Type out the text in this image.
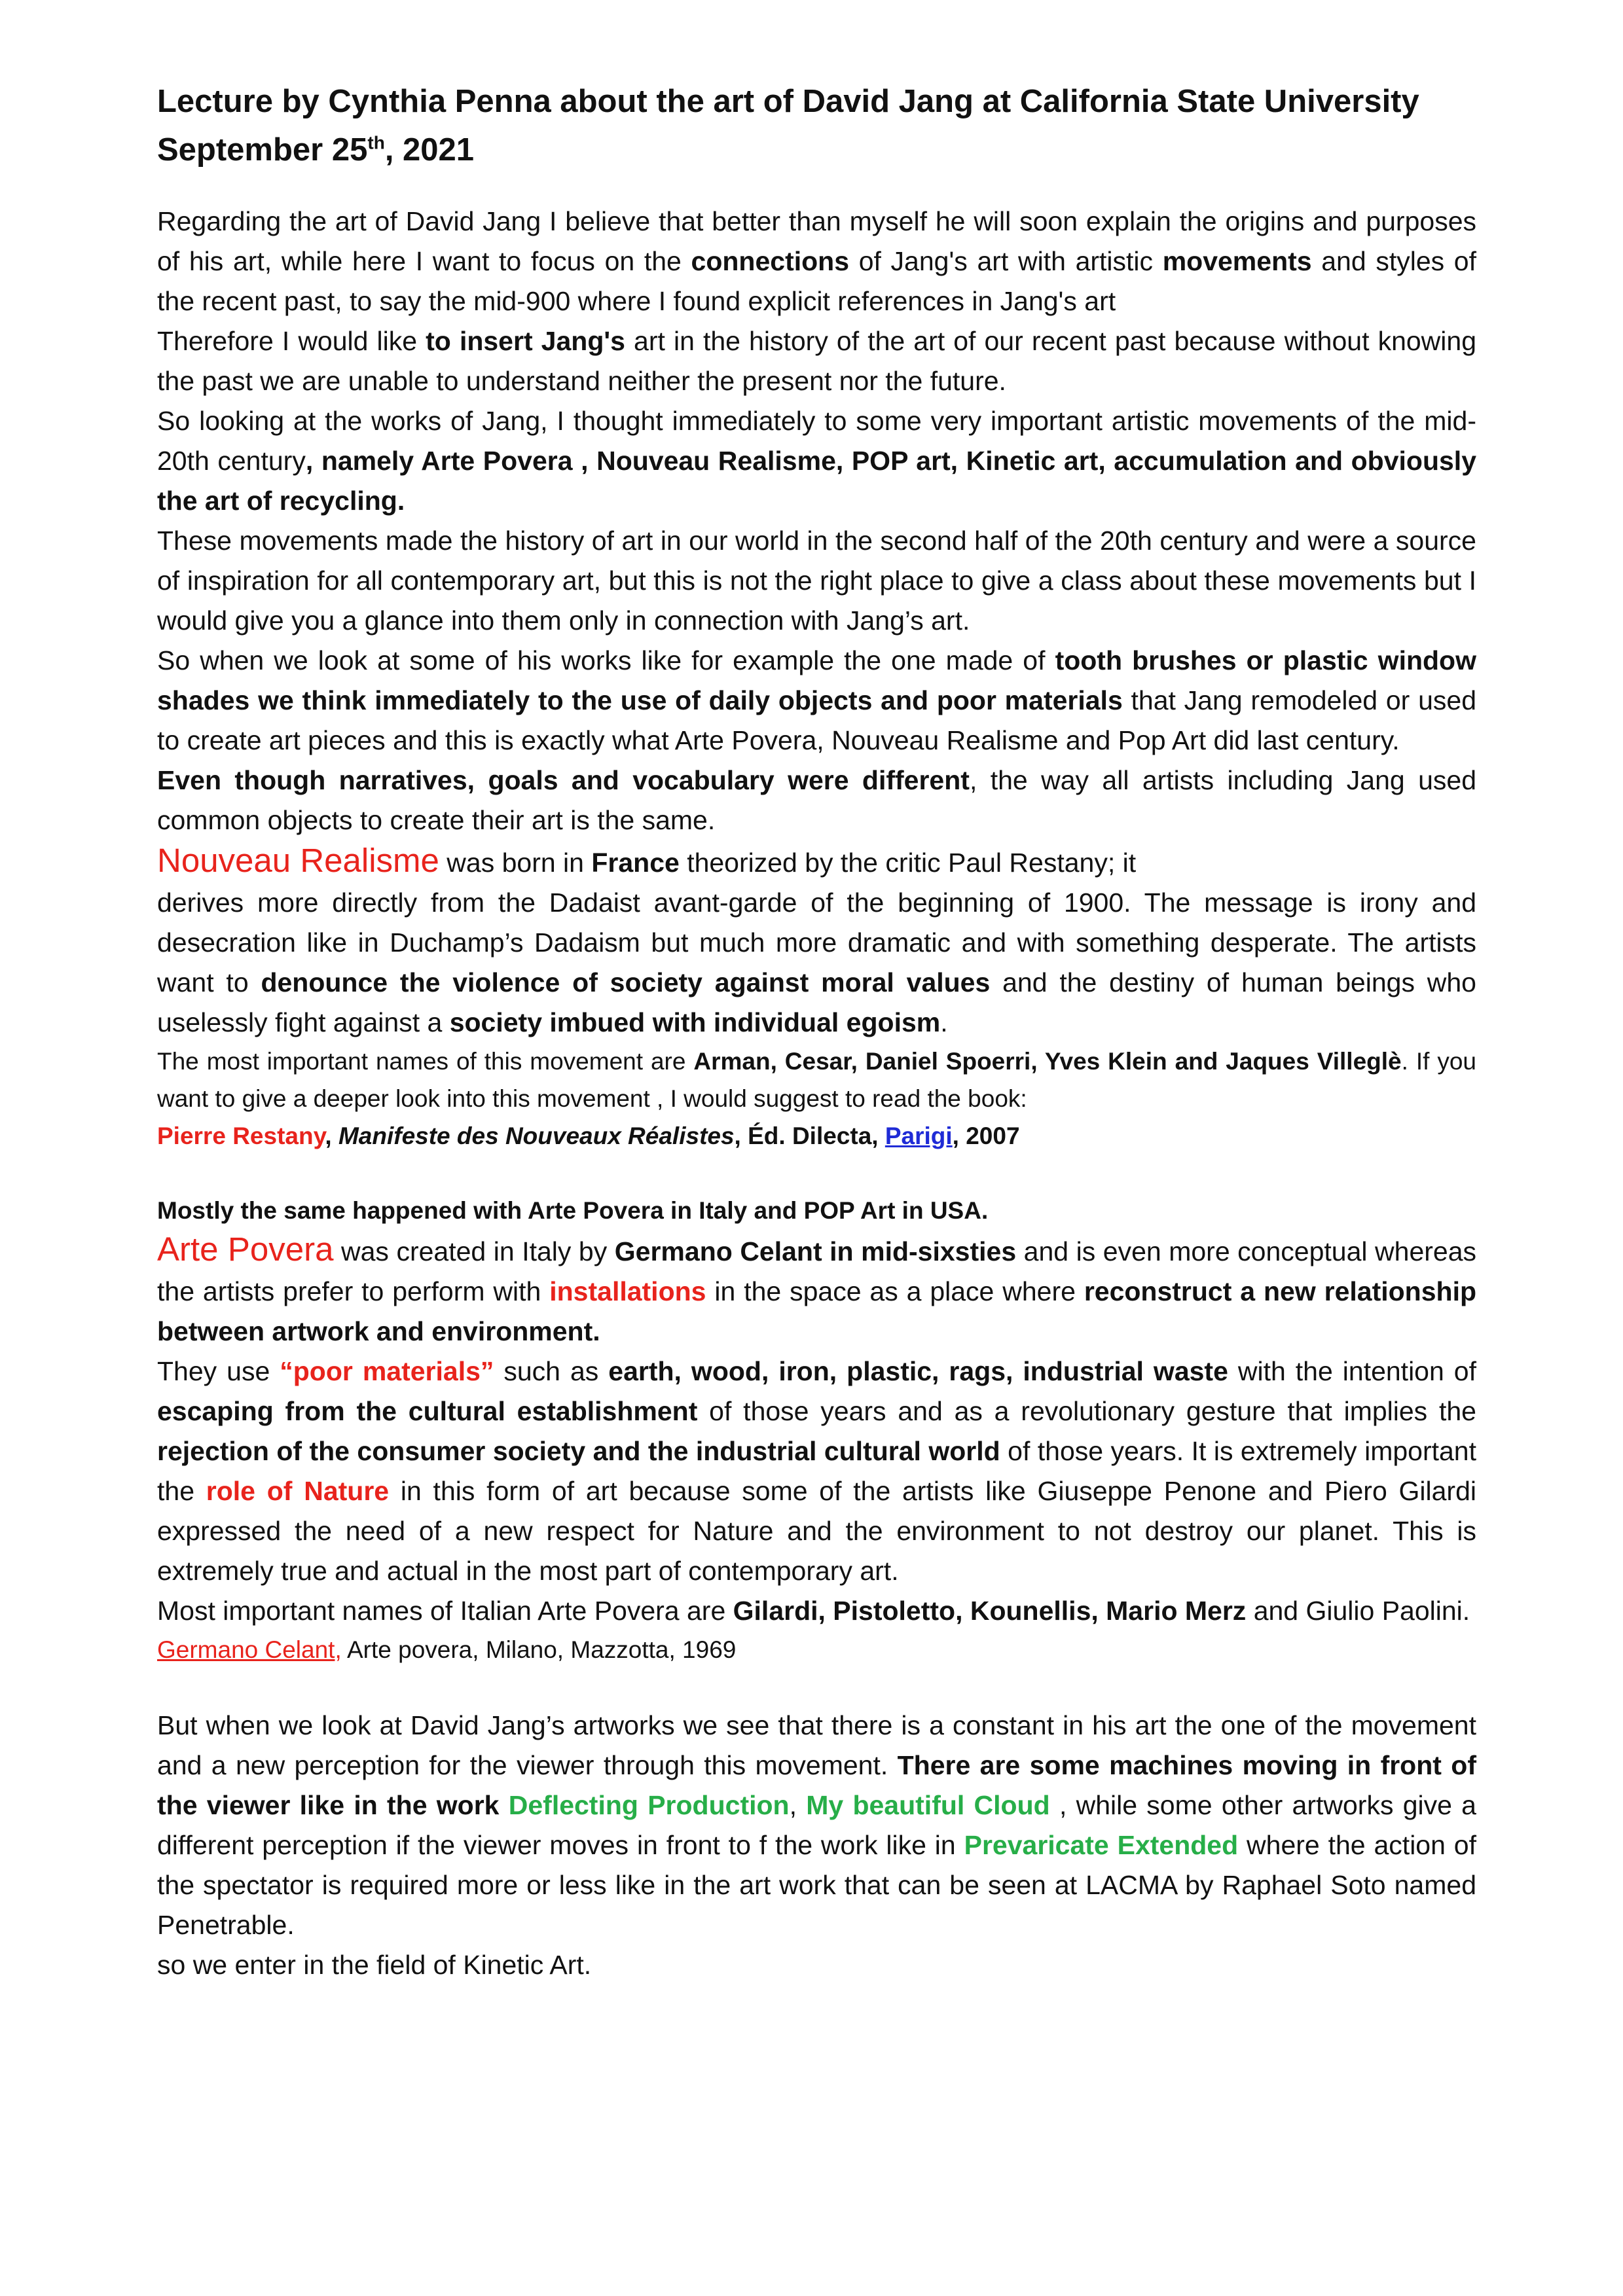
Lecture by Cynthia Penna about the art of David Jang at California State University
September 25th, 2021

Regarding the art of David Jang I believe that better than myself he will soon explain the origins and purposes of his art, while here I want to focus on the connections of Jang's art with artistic movements and styles of the recent past, to say the mid-900 where I found explicit references in Jang's art

Therefore I would like to insert Jang's art in the history of the art of our recent past because without knowing the past we are unable to understand neither the present nor the future.

So looking at the works of Jang, I thought immediately to some very important artistic movements of the mid-20th century, namely Arte Povera , Nouveau Realisme, POP art, Kinetic art, accumulation and obviously the art of recycling.

These movements made the history of art in our world in the second half of the 20th century and were a source of inspiration for all contemporary art, but this is not the right place to give a class about these movements but I would give you a glance into them only in connection with Jang’s art.

So when we look at some of his works like for example the one made of tooth brushes or plastic window shades we think immediately to the use of daily objects and poor materials that Jang remodeled or used to create art pieces and this is exactly what Arte Povera, Nouveau Realisme and Pop Art did last century.

Even though narratives, goals and vocabulary were different, the way all artists including Jang used common objects to create their art is the same.

Nouveau Realisme was born in France theorized by the critic Paul Restany; it

derives more directly from the Dadaist avant-garde of the beginning of 1900. The message is irony and desecration like in Duchamp’s Dadaism but much more dramatic and with something desperate. The artists want to denounce the violence of society against moral values and the destiny of human beings who uselessly fight against a society imbued with individual egoism.

The most important names of this movement are Arman, Cesar, Daniel Spoerri, Yves Klein and Jaques Villeglè. If you want to give a deeper look into this movement , I would suggest to read the book:

Pierre Restany, Manifeste des Nouveaux Réalistes, Éd. Dilecta, Parigi, 2007

Mostly the same happened with Arte Povera in Italy and POP Art in USA.

Arte Povera was created in Italy by Germano Celant in mid-sixsties and is even more conceptual whereas the artists prefer to perform with installations in the space as a place where reconstruct a new relationship between artwork and environment.

They use “poor materials” such as earth, wood, iron, plastic, rags, industrial waste with the intention of escaping from the cultural establishment of those years and as a revolutionary gesture that implies the rejection of the consumer society and the industrial cultural world of those years. It is extremely important the role of Nature in this form of art because some of the artists like Giuseppe Penone and Piero Gilardi expressed the need of a new respect for Nature and the environment to not destroy our planet. This is extremely true and actual in the most part of contemporary art.

Most important names of Italian Arte Povera are Gilardi, Pistoletto, Kounellis, Mario Merz and Giulio Paolini.

Germano Celant, Arte povera, Milano, Mazzotta, 1969

But when we look at David Jang’s artworks we see that there is a constant in his art the one of the movement and a new perception for the viewer through this movement. There are some machines moving in front of the viewer like in the work Deflecting Production, My beautiful Cloud , while some other artworks give a different perception if the viewer moves in front to f the work like in Prevaricate Extended where the action of the spectator is required more or less like in the art work that can be seen at LACMA by Raphael Soto named Penetrable.

so we enter in the field of Kinetic Art.
